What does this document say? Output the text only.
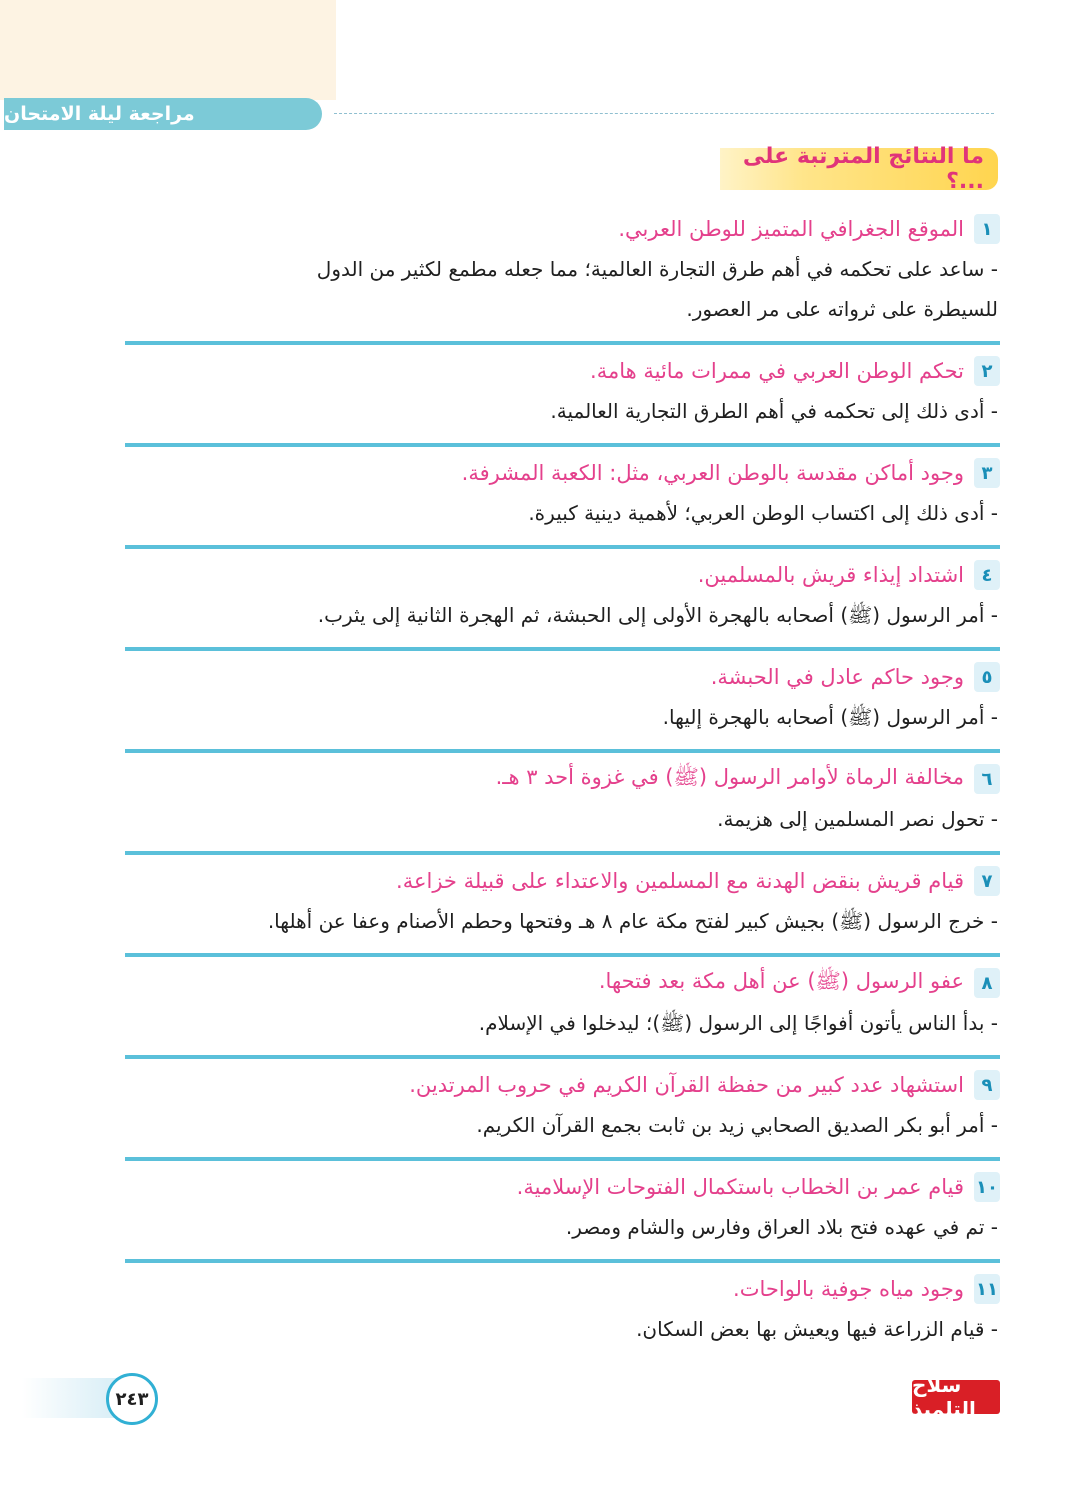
مراجعة ليلة الامتحان
ما النتائج المترتبة على ...؟
١
الموقع الجغرافي المتميز للوطن العربي.
- ساعد على تحكمه في أهم طرق التجارة العالمية؛ مما جعله مطمع لكثير من الدول للسيطرة على ثرواته على مر العصور.
٢
تحكم الوطن العربي في ممرات مائية هامة.
- أدى ذلك إلى تحكمه في أهم الطرق التجارية العالمية.
٣
وجود أماكن مقدسة بالوطن العربي، مثل: الكعبة المشرفة.
- أدى ذلك إلى اكتساب الوطن العربي؛ لأهمية دينية كبيرة.
٤
اشتداد إيذاء قريش بالمسلمين.
- أمر الرسول (ﷺ) أصحابه بالهجرة الأولى إلى الحبشة، ثم الهجرة الثانية إلى يثرب.
٥
وجود حاكم عادل في الحبشة.
- أمر الرسول (ﷺ) أصحابه بالهجرة إليها.
٦
مخالفة الرماة لأوامر الرسول (ﷺ) في غزوة أحد ٣ هـ.
- تحول نصر المسلمين إلى هزيمة.
٧
قيام قريش بنقض الهدنة مع المسلمين والاعتداء على قبيلة خزاعة.
- خرج الرسول (ﷺ) بجيش كبير لفتح مكة عام ٨ هـ وفتحها وحطم الأصنام وعفا عن أهلها.
٨
عفو الرسول (ﷺ) عن أهل مكة بعد فتحها.
- بدأ الناس يأتون أفواجًا إلى الرسول (ﷺ)؛ ليدخلوا في الإسلام.
٩
استشهاد عدد كبير من حفظة القرآن الكريم في حروب المرتدين.
- أمر أبو بكر الصديق الصحابي زيد بن ثابت بجمع القرآن الكريم.
١٠
قيام عمر بن الخطاب باستكمال الفتوحات الإسلامية.
- تم في عهده فتح بلاد العراق وفارس والشام ومصر.
١١
وجود مياه جوفية بالواحات.
- قيام الزراعة فيها ويعيش بها بعض السكان.
٢٤٣
سلاح التلميذ
